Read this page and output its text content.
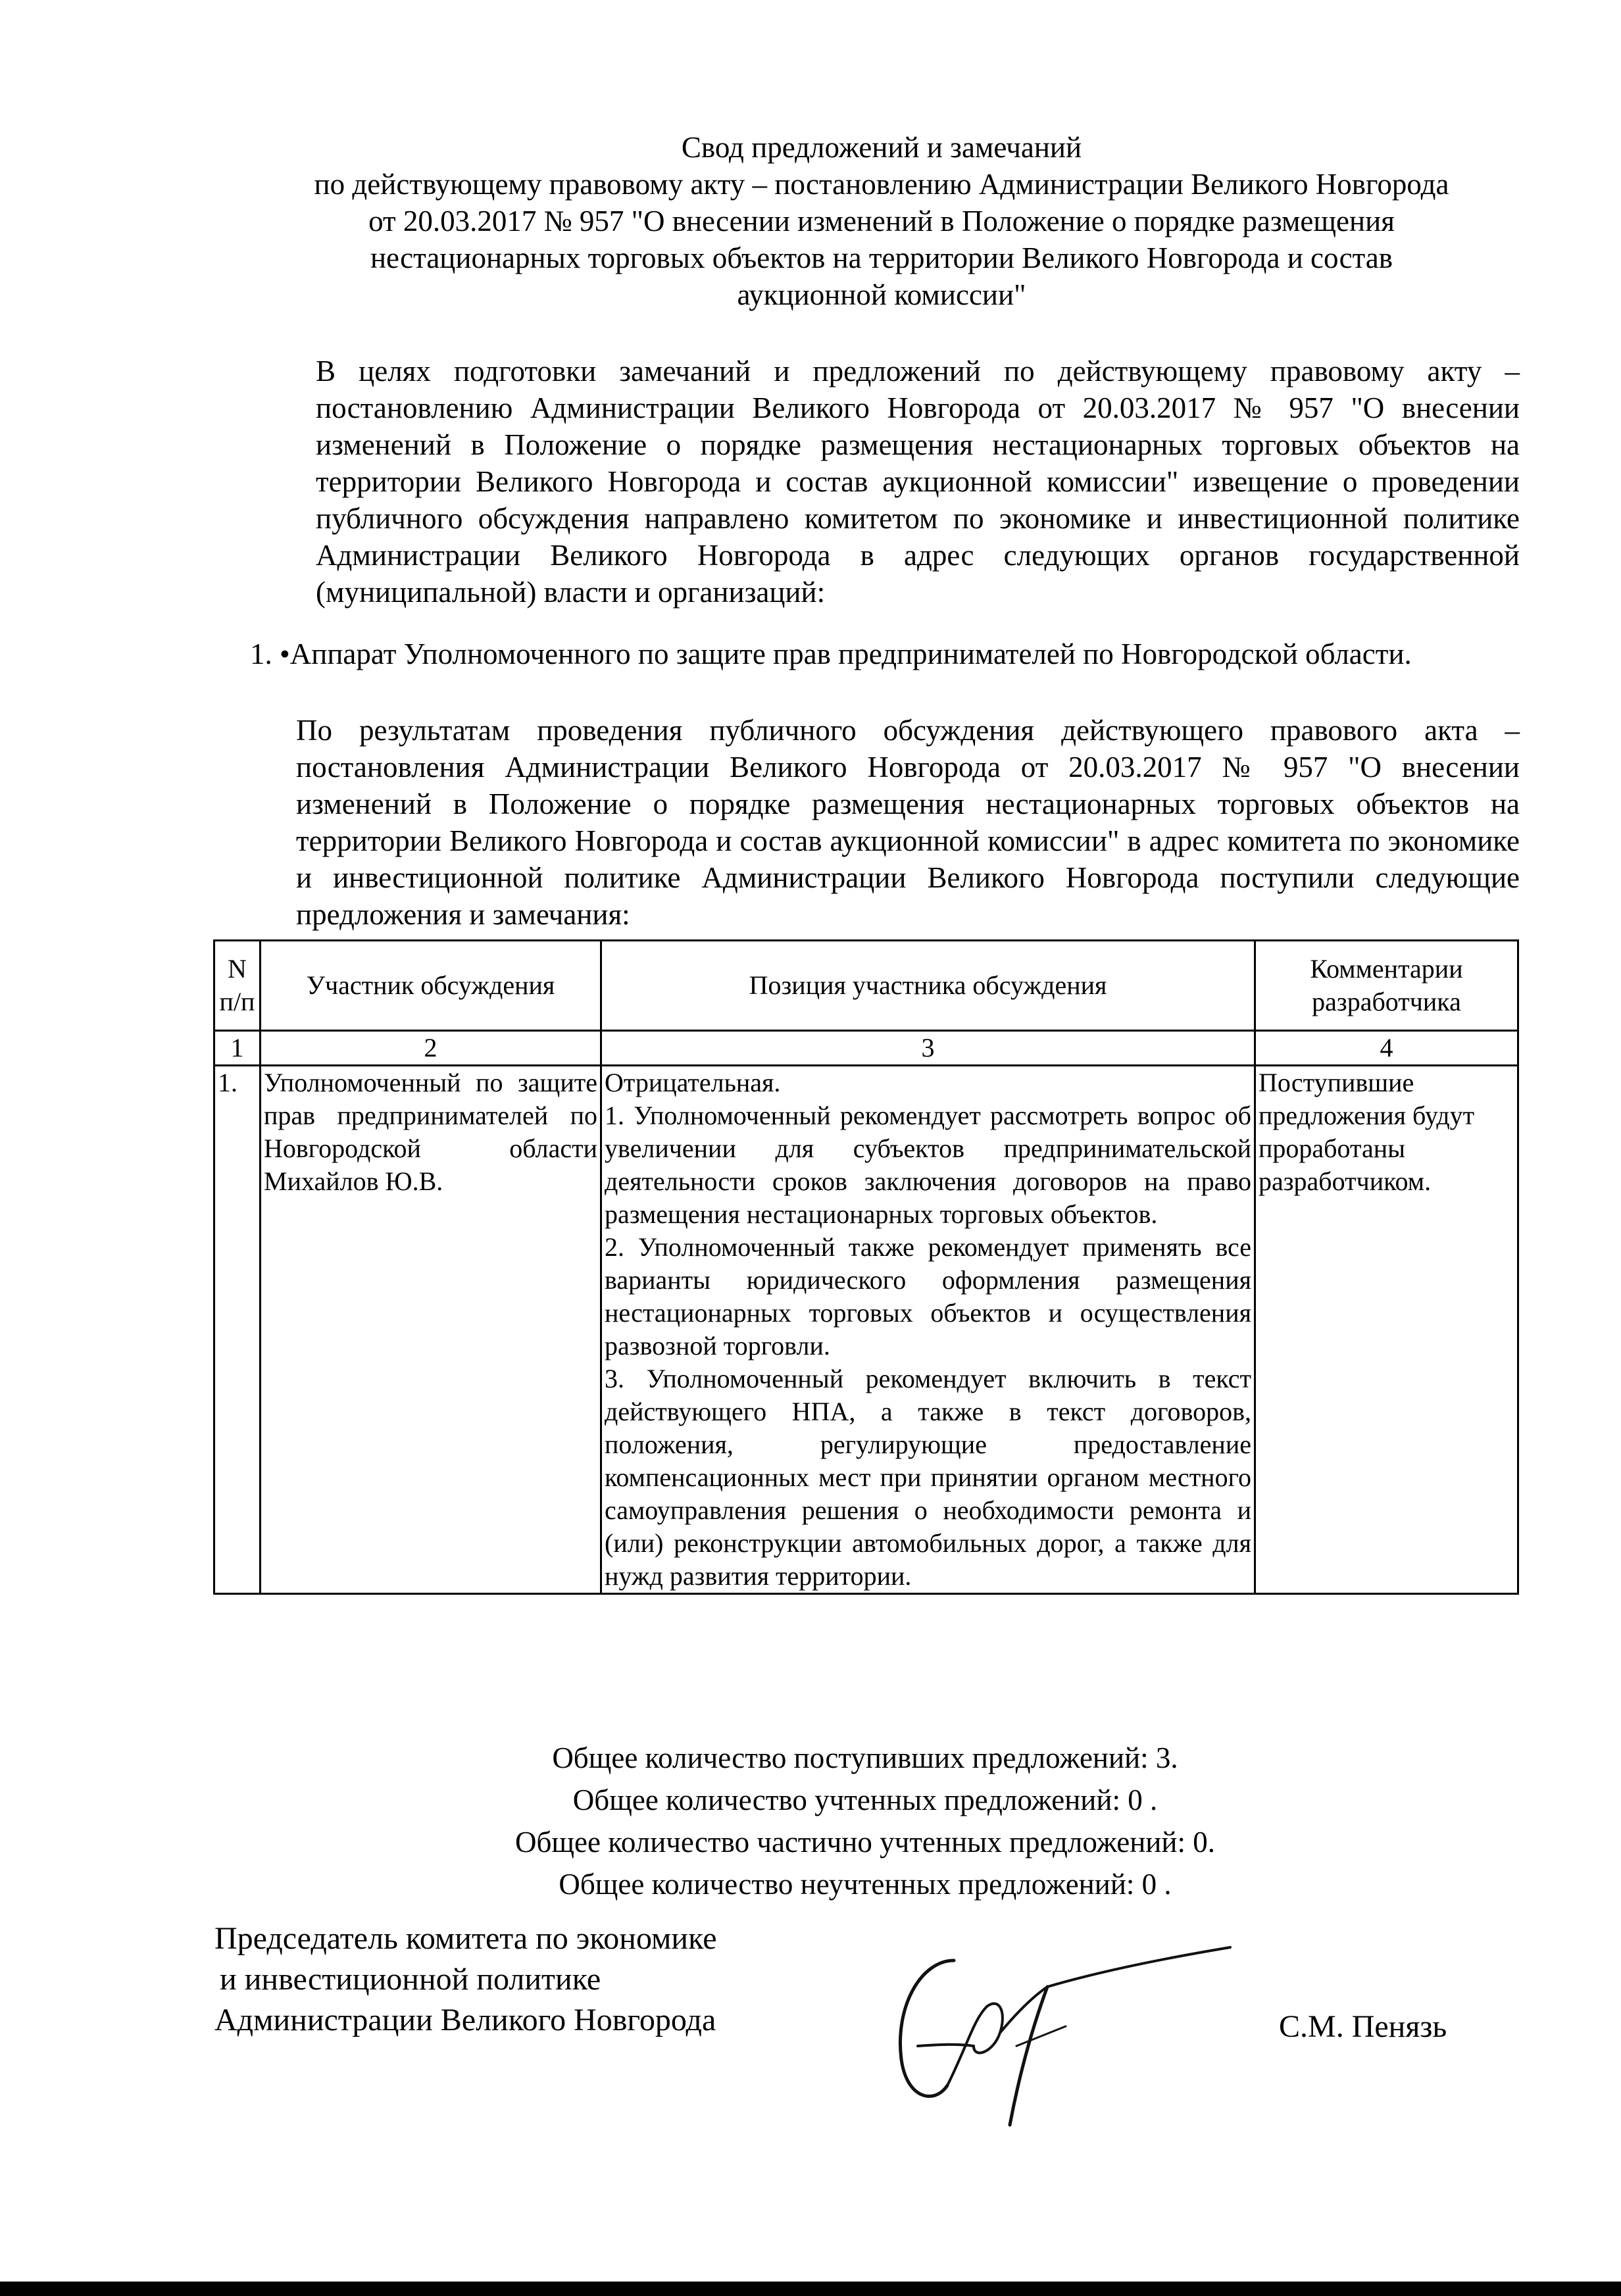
Свод предложений и замечаний
по действующему правовому акту – постановлению Администрации Великого Новгорода
от 20.03.2017 № 957 "О внесении изменений в Положение о порядке размещения
нестационарных торговых объектов на территории Великого Новгорода и состав
аукционной комиссии"
В целях подготовки замечаний и предложений по действующему правовому акту – постановлению Администрации Великого Новгорода от 20.03.2017 № 957 "О внесении изменений в Положение о порядке размещения нестационарных торговых объектов на территории Великого Новгорода и состав аукционной комиссии" извещение о проведении публичного обсуждения направлено комитетом по экономике и инвестиционной политике Администрации Великого Новгорода в адрес следующих органов государственной (муниципальной) власти и организаций:
1. •Аппарат Уполномоченного по защите прав предпринимателей по Новгородской области.
По результатам проведения публичного обсуждения действующего правового акта – постановления Администрации Великого Новгорода от 20.03.2017 № 957 "О внесении изменений в Положение о порядке размещения нестационарных торговых объектов на территории Великого Новгорода и состав аукционной комиссии" в адрес комитета по экономике и инвестиционной политике Администрации Великого Новгорода поступили следующие предложения и замечания:
N п/п	Участник обсуждения	Позиция участника обсуждения	Комментарии разработчика
1	2	3	4
1.	Уполномоченный по защите прав предпринимателей по Новгородской области Михайлов Ю.В.	Отрицательная.
1. Уполномоченный рекомендует рассмотреть вопрос об увеличении для субъектов предпринимательской деятельности сроков заключения договоров на право размещения нестационарных торговых объектов.
2. Уполномоченный также рекомендует применять все варианты юридического оформления размещения нестационарных торговых объектов и осуществления развозной торговли.
3. Уполномоченный рекомендует включить в текст действующего НПА, а также в текст договоров, положения, регулирующие предоставление компенсационных мест при принятии органом местного самоуправления решения о необходимости ремонта и (или) реконструкции автомобильных дорог, а также для нужд развития территории.	Поступившие предложения будут проработаны разработчиком.
Общее количество поступивших предложений: 3.
Общее количество учтенных предложений: 0 .
Общее количество частично учтенных предложений: 0.
Общее количество неучтенных предложений: 0 .
Председатель комитета по экономике
и инвестиционной политике
Администрации Великого Новгорода	С.М. Пенязь
